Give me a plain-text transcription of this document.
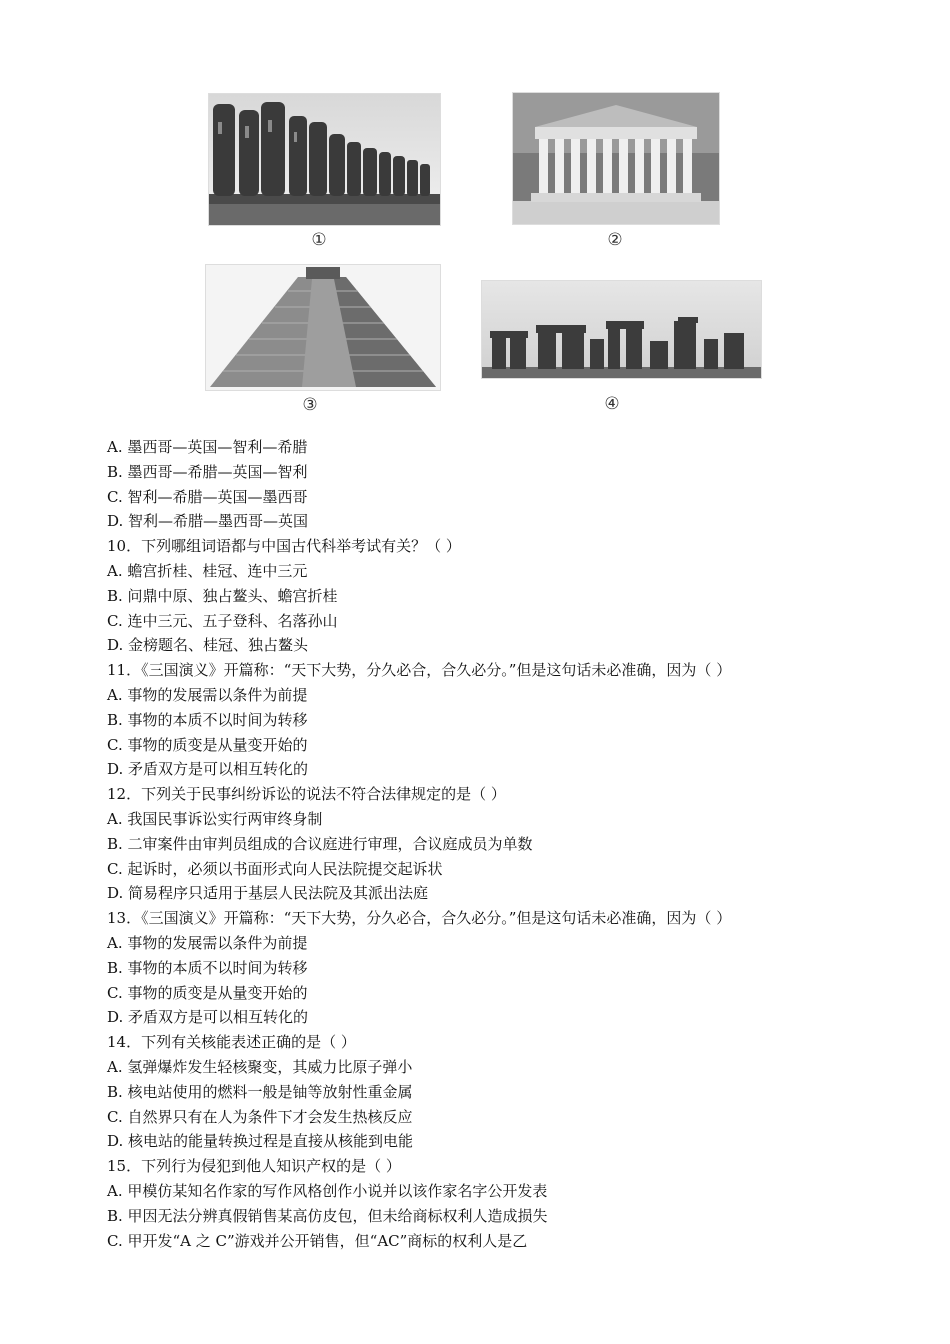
①	②
③	④
A. 墨西哥—英国—智利—希腊
B. 墨西哥—希腊—英国—智利
C. 智利—希腊—英国—墨西哥
D. 智利—希腊—墨西哥—英国
10．下列哪组词语都与中国古代科举考试有关？（ ）
A. 蟾宫折桂、桂冠、连中三元
B. 问鼎中原、独占鳌头、蟾宫折桂
C. 连中三元、五子登科、名落孙山
D. 金榜题名、桂冠、独占鳌头
11．《三国演义》开篇称：“天下大势，分久必合，合久必分。”但是这句话未必准确，因为（ ）
A. 事物的发展需以条件为前提
B. 事物的本质不以时间为转移
C. 事物的质变是从量变开始的
D. 矛盾双方是可以相互转化的
12．下列关于民事纠纷诉讼的说法不符合法律规定的是（ ）
A. 我国民事诉讼实行两审终身制
B. 二审案件由审判员组成的合议庭进行审理，合议庭成员为单数
C. 起诉时，必须以书面形式向人民法院提交起诉状
D. 简易程序只适用于基层人民法院及其派出法庭
13．《三国演义》开篇称：“天下大势，分久必合，合久必分。”但是这句话未必准确，因为（ ）
A. 事物的发展需以条件为前提
B. 事物的本质不以时间为转移
C. 事物的质变是从量变开始的
D. 矛盾双方是可以相互转化的
14．下列有关核能表述正确的是（ ）
A. 氢弹爆炸发生轻核聚变，其威力比原子弹小
B. 核电站使用的燃料一般是铀等放射性重金属
C. 自然界只有在人为条件下才会发生热核反应
D. 核电站的能量转换过程是直接从核能到电能
15．下列行为侵犯到他人知识产权的是（ ）
A. 甲模仿某知名作家的写作风格创作小说并以该作家名字公开发表
B. 甲因无法分辨真假销售某高仿皮包，但未给商标权利人造成损失
C. 甲开发“A 之 C”游戏并公开销售，但“AC”商标的权利人是乙
